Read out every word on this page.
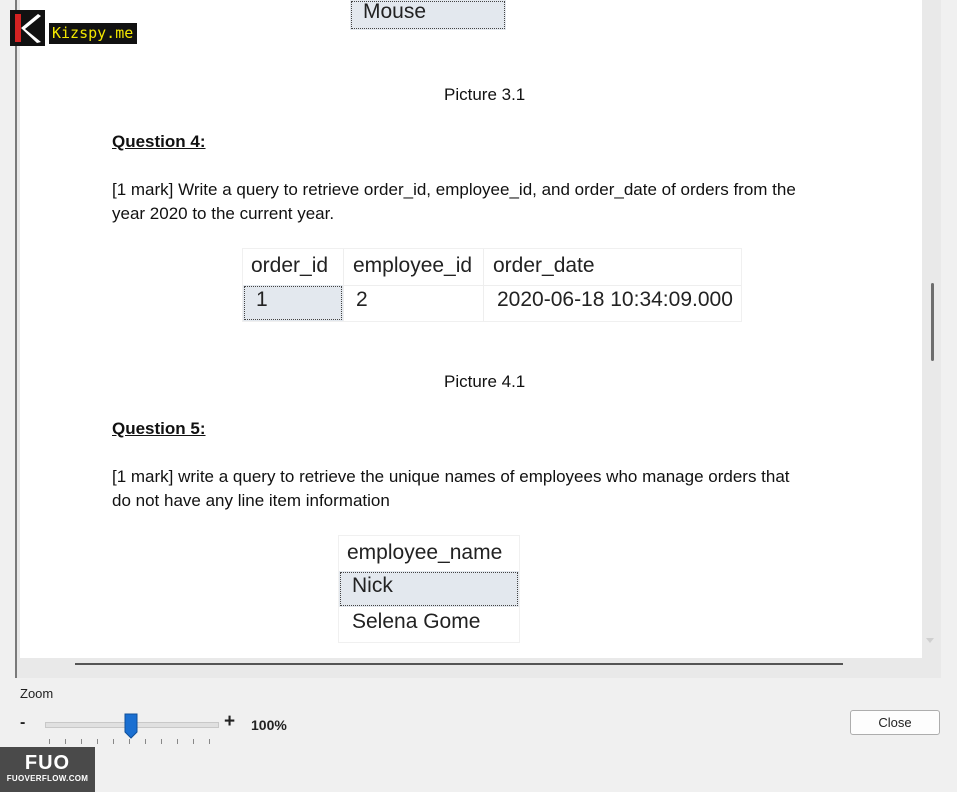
Mouse
Picture 3.1
Question 4:
[1 mark] Write a query to retrieve order_id, employee_id, and order_date of orders from the
year 2020 to the current year.
order_id employee_id order_date
1	2	2020-06-18 10:34:09.000
Picture 4.1
Question 5:
[1 mark] write a query to retrieve the unique names of employees who manage orders that
do not have any line item information
employee_name
Nick
Selena Gome
Kizspy.me
Zoom
-	+ 100%	Close
FUO
FUOVERFLOW.COM
